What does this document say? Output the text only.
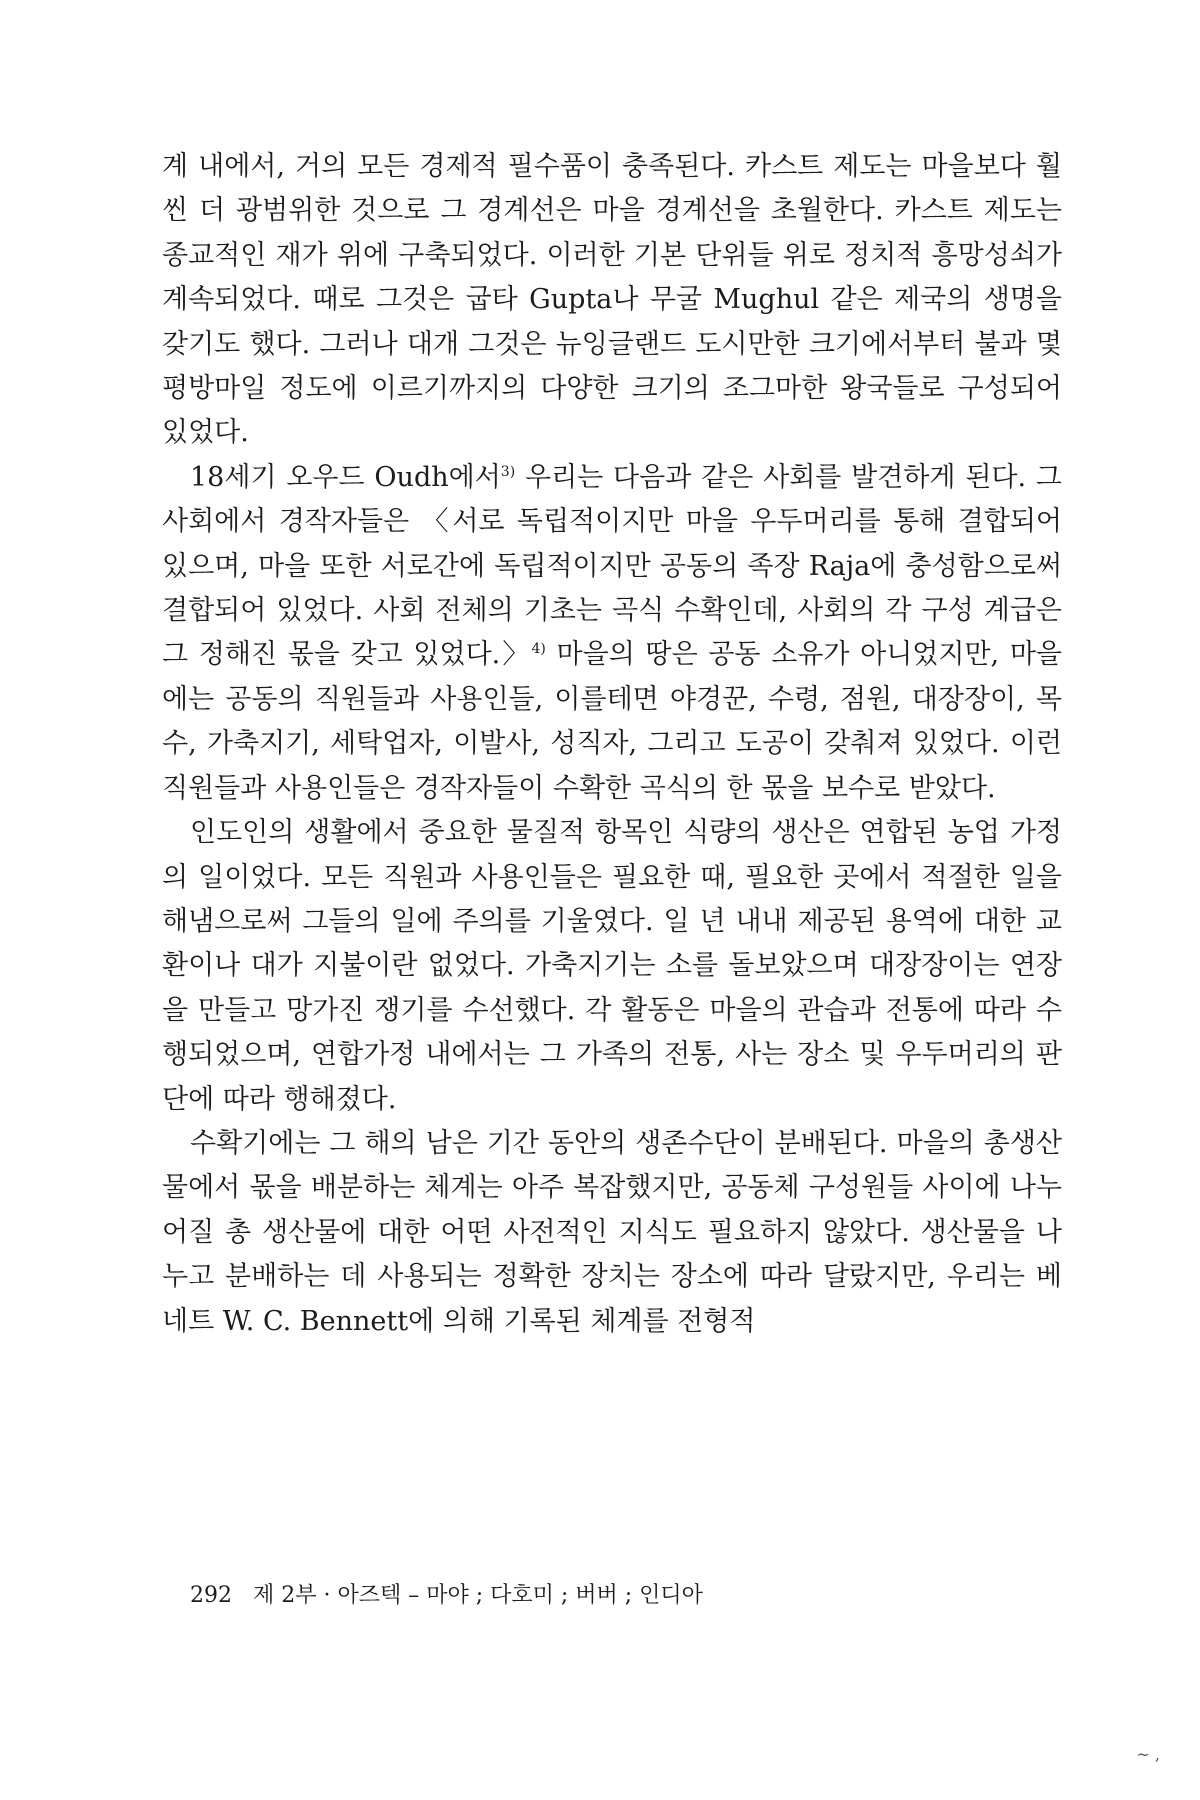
계 내에서, 거의 모든 경제적 필수품이 충족된다. 카스트 제도는 마을보다 훨씬 더 광범위한 것으로 그 경계선은 마을 경계선을 초월한다. 카스트 제도는 종교적인 재가 위에 구축되었다. 이러한 기본 단위들 위로 정치적 흥망성쇠가 계속되었다. 때로 그것은 굽타 Gupta나 무굴 Mughul 같은 제국의 생명을 갖기도 했다. 그러나 대개 그것은 뉴잉글랜드 도시만한 크기에서부터 불과 몇 평방마일 정도에 이르기까지의 다양한 크기의 조그마한 왕국들로 구성되어 있었다.

18세기 오우드 Oudh에서$^{3)}$ 우리는 다음과 같은 사회를 발견하게 된다. 그 사회에서 경작자들은 〈서로 독립적이지만 마을 우두머리를 통해 결합되어 있으며, 마을 또한 서로간에 독립적이지만 공동의 족장 Raja에 충성함으로써 결합되어 있었다. 사회 전체의 기초는 곡식 수확인데, 사회의 각 구성 계급은 그 정해진 몫을 갖고 있었다.〉$^{4)}$ 마을의 땅은 공동 소유가 아니었지만, 마을에는 공동의 직원들과 사용인들, 이를테면 야경꾼, 수령, 점원, 대장장이, 목수, 가축지기, 세탁업자, 이발사, 성직자, 그리고 도공이 갖춰져 있었다. 이런 직원들과 사용인들은 경작자들이 수확한 곡식의 한 몫을 보수로 받았다.

인도인의 생활에서 중요한 물질적 항목인 식량의 생산은 연합된 농업 가정의 일이었다. 모든 직원과 사용인들은 필요한 때, 필요한 곳에서 적절한 일을 해냄으로써 그들의 일에 주의를 기울였다. 일 년 내내 제공된 용역에 대한 교환이나 대가 지불이란 없었다. 가축지기는 소를 돌보았으며 대장장이는 연장을 만들고 망가진 쟁기를 수선했다. 각 활동은 마을의 관습과 전통에 따라 수행되었으며, 연합가정 내에서는 그 가족의 전통, 사는 장소 및 우두머리의 판단에 따라 행해졌다.

수확기에는 그 해의 남은 기간 동안의 생존수단이 분배된다. 마을의 총생산물에서 몫을 배분하는 체계는 아주 복잡했지만, 공동체 구성원들 사이에 나누어질 총 생산물에 대한 어떤 사전적인 지식도 필요하지 않았다. 생산물을 나누고 분배하는 데 사용되는 정확한 장치는 장소에 따라 달랐지만, 우리는 베네트 W. C. Bennett에 의해 기록된 체계를 전형적

292 제 2부 · 아즈텍 – 마야 ; 다호미 ; 버버 ; 인디아
~ ,
